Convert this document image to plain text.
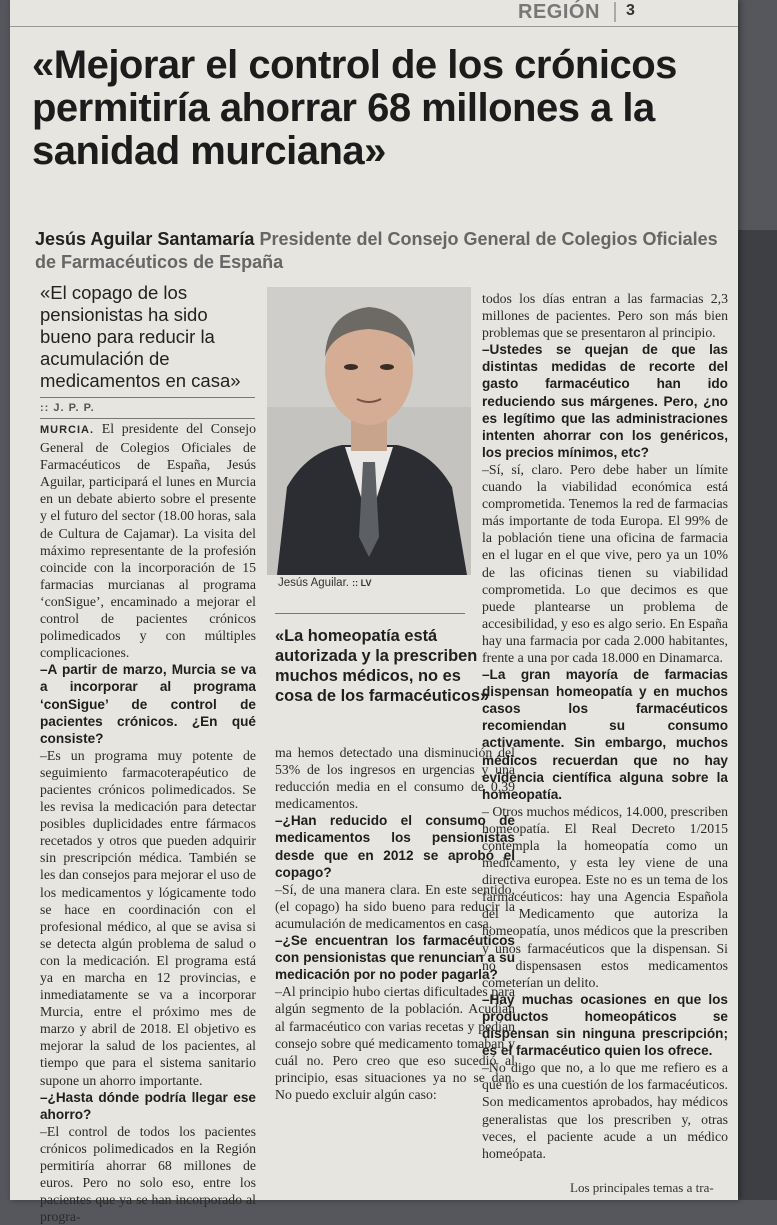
REGIÓN 3
«Mejorar el control de los crónicos permitiría ahorrar 68 millones a la sanidad murciana»
Jesús Aguilar Santamaría Presidente del Consejo General de Colegios Oficiales de Farmacéuticos de España
«El copago de los pensionistas ha sido bueno para reducir la acumulación de medicamentos en casa»
:: J. P. P.

MURCIA. El presidente del Consejo General de Colegios Oficiales de Farmacéuticos de España, Jesús Aguilar, participará el lunes en Murcia en un debate abierto sobre el presente y el futuro del sector (18.00 horas, sala de Cultura de Cajamar). La visita del máximo representante de la profesión coincide con la incorporación de 15 farmacias murcianas al programa ‘conSigue’, encaminado a mejorar el control de pacientes crónicos polimedicados y con múltiples complicaciones.

–A partir de marzo, Murcia se va a incorporar al programa ‘conSigue’ de control de pacientes crónicos. ¿En qué consiste?

–Es un programa muy potente de seguimiento farmacoterapéutico de pacientes crónicos polimedicados. Se les revisa la medicación para detectar posibles duplicidades entre fármacos recetados y otros que pueden adquirir sin prescripción médica. También se les dan consejos para mejorar el uso de los medicamentos y lógicamente todo se hace en coordinación con el profesional médico, al que se avisa si se detecta algún problema de salud o con la medicación. El programa está ya en marcha en 12 provincias, e inmediatamente se va a incorporar Murcia, entre el próximo mes de marzo y abril de 2018. El objetivo es mejorar la salud de los pacientes, al tiempo que para el sistema sanitario supone un ahorro importante.

–¿Hasta dónde podría llegar ese ahorro?

–El control de todos los pacientes crónicos polimedicados en la Región permitiría ahorrar 68 millones de euros. Pero no solo eso, entre los pacientes que ya se han incorporado al progra-

Jesús Aguilar. :: LV
«La homeopatía está autorizada y la prescriben muchos médicos, no es cosa de los farmacéuticos»

ma hemos detectado una disminución del 53% de los ingresos en urgencias y una reducción media en el consumo de 0,39 medicamentos.

–¿Han reducido el consumo de medicamentos los pensionistas desde que en 2012 se aprobó el copago?

–Sí, de una manera clara. En este sentido, (el copago) ha sido bueno para reducir la acumulación de medicamentos en casa.

–¿Se encuentran los farmacéuticos con pensionistas que renuncian a su medicación por no poder pagarla?

–Al principio hubo ciertas dificultades para algún segmento de la población. Acudían al farmacéutico con varias recetas y pedían consejo sobre qué medicamento tomaban y cuál no. Pero creo que eso sucedió al principio, esas situaciones ya no se dan. No puedo excluir algún caso:

todos los días entran a las farmacias 2,3 millones de pacientes. Pero son más bien problemas que se presentaron al principio.

–Ustedes se quejan de que las distintas medidas de recorte del gasto farmacéutico han ido reduciendo sus márgenes. Pero, ¿no es legítimo que las administraciones intenten ahorrar con los genéricos, los precios mínimos, etc?

–Sí, sí, claro. Pero debe haber un límite cuando la viabilidad económica está comprometida. Tenemos la red de farmacias más importante de toda Europa. El 99% de la población tiene una oficina de farmacia en el lugar en el que vive, pero ya un 10% de las oficinas tienen su viabilidad comprometida. Lo que decimos es que puede plantearse un problema de accesibilidad, y eso es algo serio. En España hay una farmacia por cada 2.000 habitantes, frente a una por cada 18.000 en Dinamarca.

–La gran mayoría de farmacias dispensan homeopatía y en muchos casos los farmacéuticos recomiendan su consumo activamente. Sin embargo, muchos médicos recuerdan que no hay evidencia científica alguna sobre la homeopatía.

– Otros muchos médicos, 14.000, prescriben homeopatía. El Real Decreto 1/2015 contempla la homeopatía como un medicamento, y esta ley viene de una directiva europea. Este no es un tema de los farmacéuticos: hay una Agencia Española del Medicamento que autoriza la homeopatía, unos médicos que la prescriben y unos farmacéuticos que la dispensan. Si no dispensasen estos medicamentos cometerían un delito.

–Hay muchas ocasiones en que los productos homeopáticos se dispensan sin ninguna prescripción; es el farmacéutico quien los ofrece.

–No digo que no, a lo que me refiero es a que no es una cuestión de los farmacéuticos. Son medicamentos aprobados, hay médicos generalistas que los prescriben y, otras veces, el paciente acude a un médico homeópata.

Los principales temas a tra-
